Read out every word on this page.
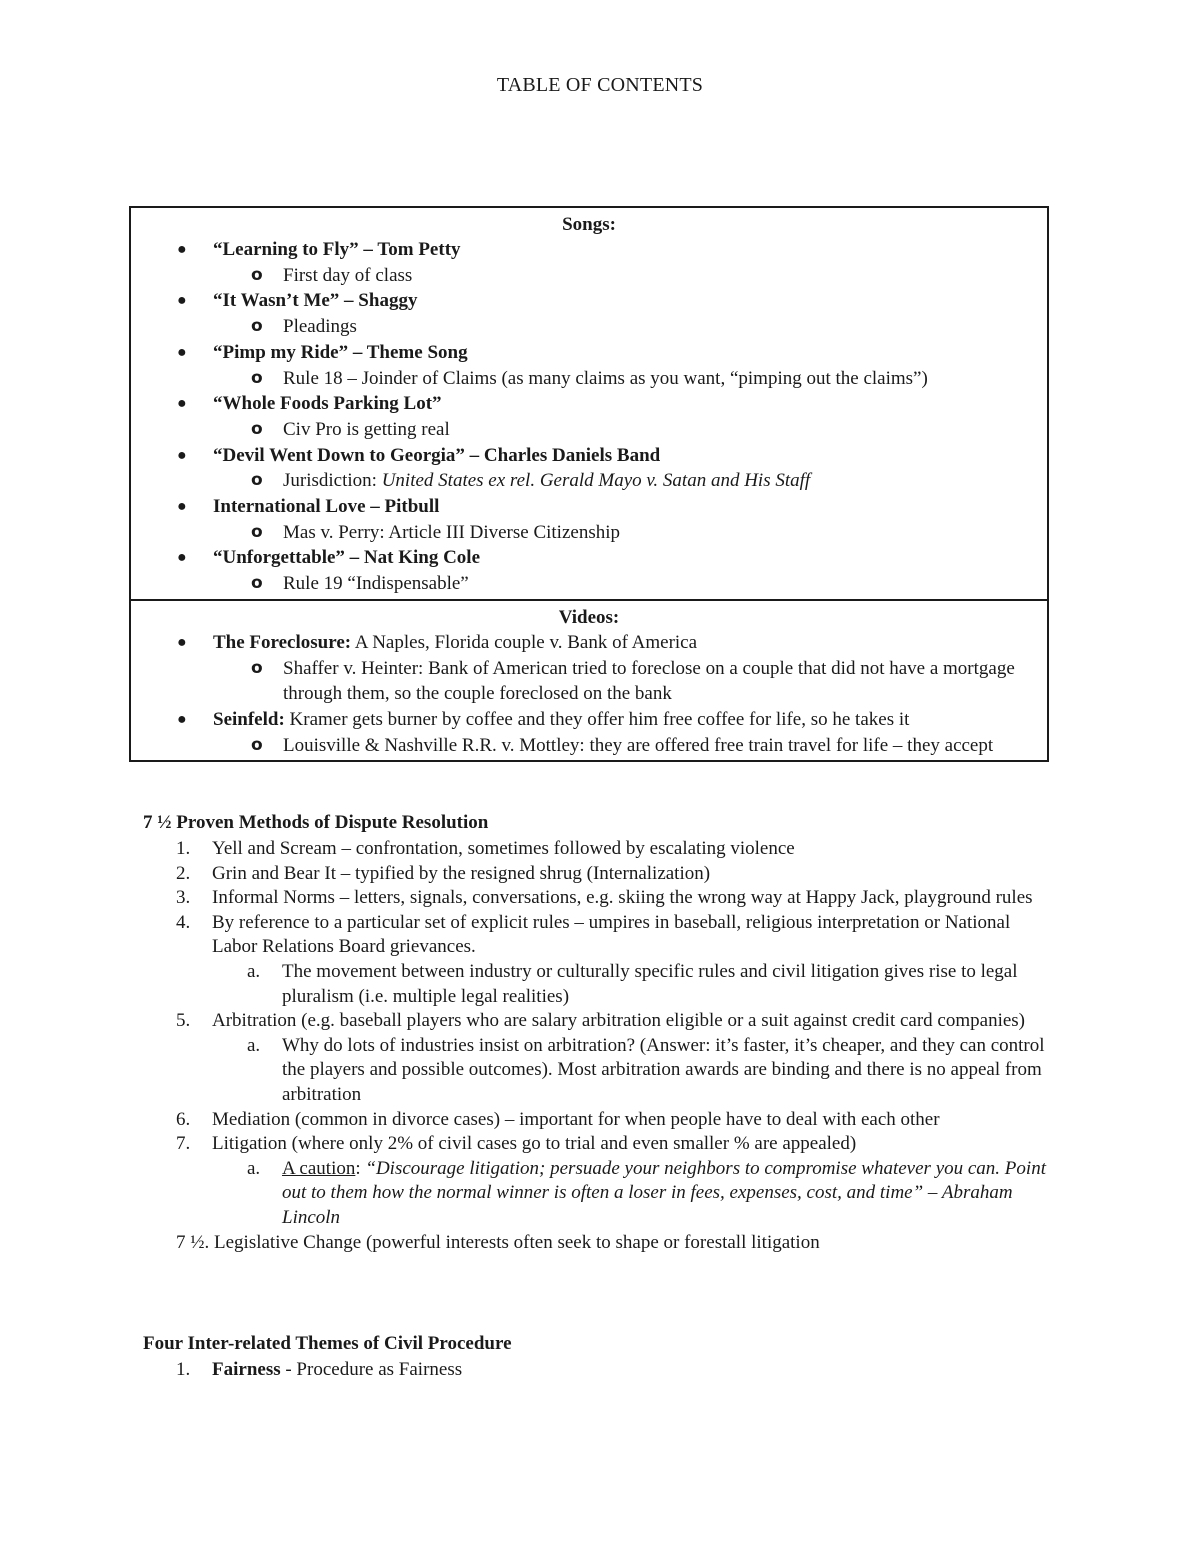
TABLE OF CONTENTS
Songs:
● “Learning to Fly” – Tom Petty
o First day of class
● “It Wasn’t Me” – Shaggy
o Pleadings
● “Pimp my Ride” – Theme Song
o Rule 18 – Joinder of Claims (as many claims as you want, “pimping out the claims”)
● “Whole Foods Parking Lot”
o Civ Pro is getting real
● “Devil Went Down to Georgia” – Charles Daniels Band
o Jurisdiction: United States ex rel. Gerald Mayo v. Satan and His Staff
● International Love – Pitbull
o Mas v. Perry: Article III Diverse Citizenship
● “Unforgettable” – Nat King Cole
o Rule 19 “Indispensable”
Videos:
● The Foreclosure: A Naples, Florida couple v. Bank of America
o Shaffer v. Heinter: Bank of American tried to foreclose on a couple that did not have a mortgage through them, so the couple foreclosed on the bank
● Seinfeld: Kramer gets burner by coffee and they offer him free coffee for life, so he takes it
o Louisville & Nashville R.R. v. Mottley: they are offered free train travel for life – they accept
7 ½ Proven Methods of Dispute Resolution
1. Yell and Scream – confrontation, sometimes followed by escalating violence
2. Grin and Bear It – typified by the resigned shrug (Internalization)
3. Informal Norms – letters, signals, conversations, e.g. skiing the wrong way at Happy Jack, playground rules
4. By reference to a particular set of explicit rules – umpires in baseball, religious interpretation or National Labor Relations Board grievances.
a. The movement between industry or culturally specific rules and civil litigation gives rise to legal pluralism (i.e. multiple legal realities)
5. Arbitration (e.g. baseball players who are salary arbitration eligible or a suit against credit card companies)
a. Why do lots of industries insist on arbitration? (Answer: it’s faster, it’s cheaper, and they can control the players and possible outcomes). Most arbitration awards are binding and there is no appeal from arbitration
6. Mediation (common in divorce cases) – important for when people have to deal with each other
7. Litigation (where only 2% of civil cases go to trial and even smaller % are appealed)
a. A caution: “Discourage litigation; persuade your neighbors to compromise whatever you can. Point out to them how the normal winner is often a loser in fees, expenses, cost, and time” – Abraham Lincoln
7 ½. Legislative Change (powerful interests often seek to shape or forestall litigation
Four Inter-related Themes of Civil Procedure
1. Fairness - Procedure as Fairness
